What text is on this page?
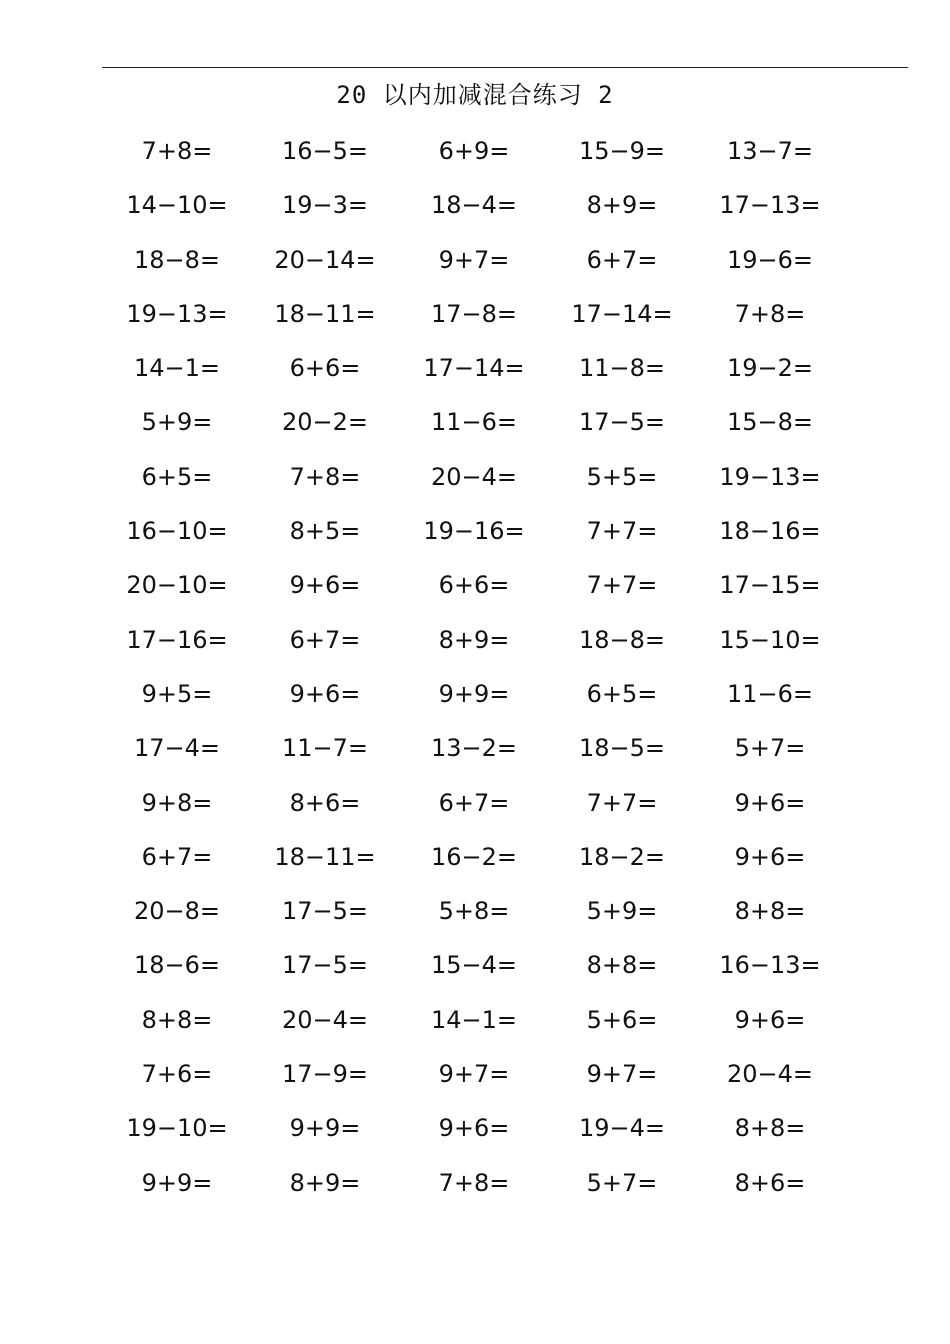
20 以内加减混合练习 2
7+8=	16−5=	6+9=	15−9=	13−7=
14−10=	19−3=	18−4=	8+9=	17−13=
18−8=	20−14=	9+7=	6+7=	19−6=
19−13=	18−11=	17−8=	17−14=	7+8=
14−1=	6+6=	17−14=	11−8=	19−2=
5+9=	20−2=	11−6=	17−5=	15−8=
6+5=	7+8=	20−4=	5+5=	19−13=
16−10=	8+5=	19−16=	7+7=	18−16=
20−10=	9+6=	6+6=	7+7=	17−15=
17−16=	6+7=	8+9=	18−8=	15−10=
9+5=	9+6=	9+9=	6+5=	11−6=
17−4=	11−7=	13−2=	18−5=	5+7=
9+8=	8+6=	6+7=	7+7=	9+6=
6+7=	18−11=	16−2=	18−2=	9+6=
20−8=	17−5=	5+8=	5+9=	8+8=
18−6=	17−5=	15−4=	8+8=	16−13=
8+8=	20−4=	14−1=	5+6=	9+6=
7+6=	17−9=	9+7=	9+7=	20−4=
19−10=	9+9=	9+6=	19−4=	8+8=
9+9=	8+9=	7+8=	5+7=	8+6=
